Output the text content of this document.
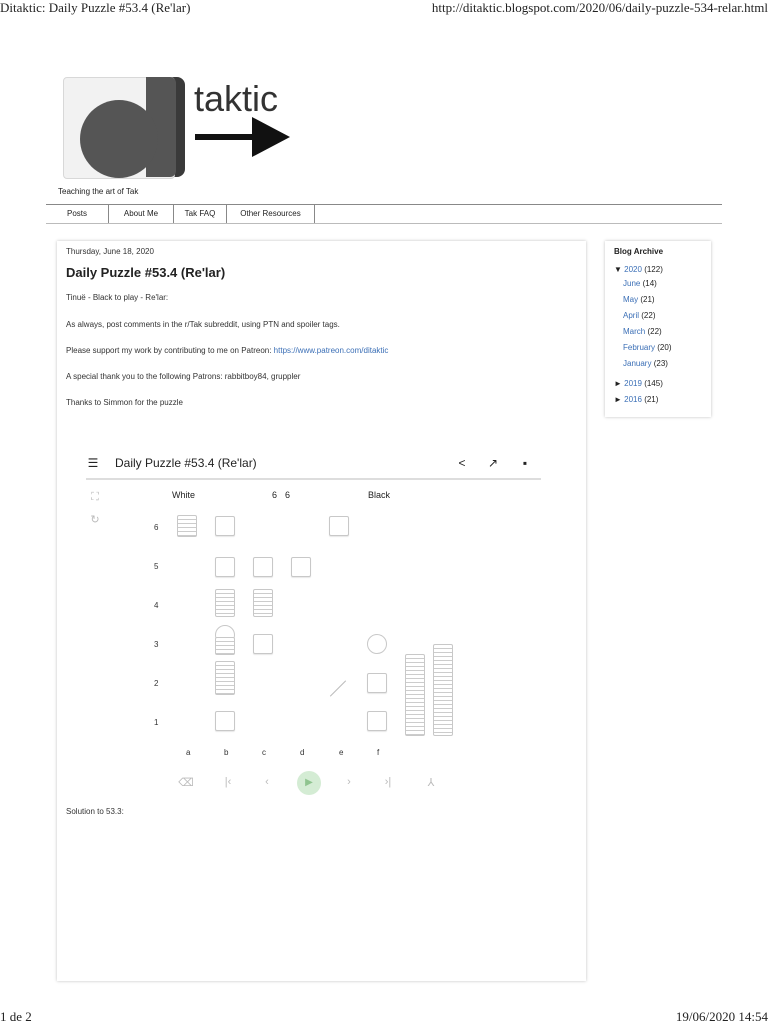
Ditaktic: Daily Puzzle #53.4 (Re'lar)	http://ditaktic.blogspot.com/2020/06/daily-puzzle-534-relar.html
taktic
Teaching the art of Tak
Posts	About Me	Tak FAQ	Other Resources
Thursday, June 18, 2020
Daily Puzzle #53.4 (Re'lar)
Tinuë - Black to play - Re'lar:
As always, post comments in the r/Tak subreddit, using PTN and spoiler tags.
Please support my work by contributing to me on Patreon: https://www.patreon.com/ditaktic
A special thank you to the following Patrons: rabbitboy84, gruppler
Thanks to Simmon for the puzzle
☰ Daily Puzzle #53.4 (Re'lar)	< ↗	▪
⛶
↻
White	6 6	Black
6
5
4
3
2
1
a	b	c	d	e	f
⌫	|‹	‹	▶	›	›|	⅄
Solution to 53.3:
Blog Archive
▼ 2020 (122)
June (14)
May (21)
April (22)
March (22)
February (20)
January (23)
► 2019 (145)
► 2016 (21)
1 de 2	19/06/2020 14:54
